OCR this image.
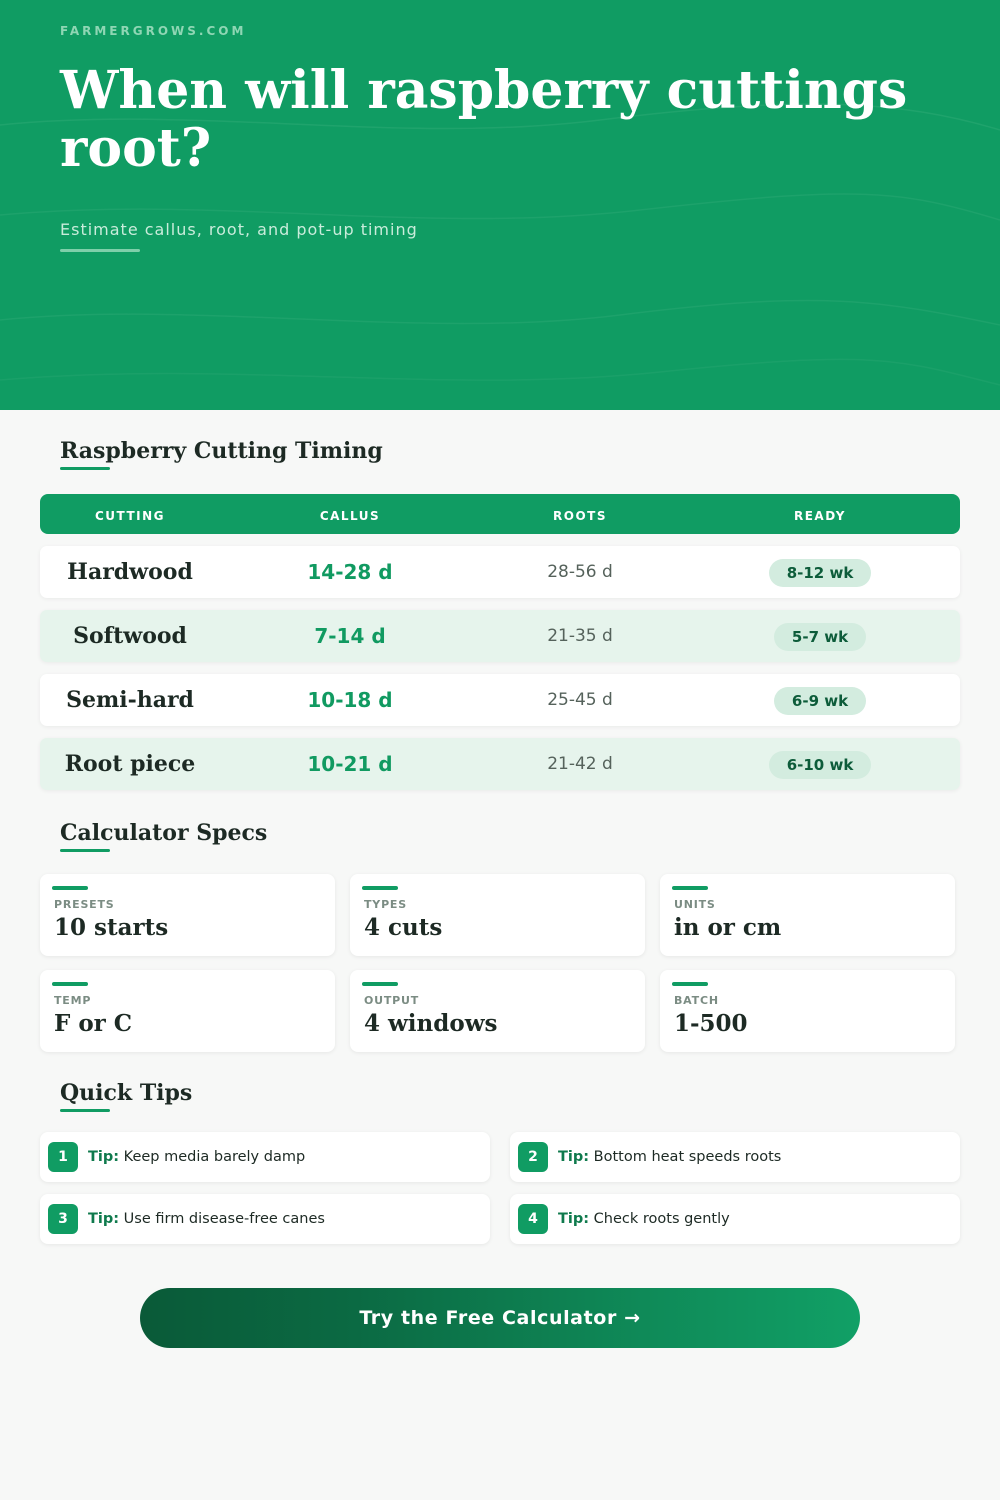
FARMERGROWS.COM
When will raspberry cuttings root?
Estimate callus, root, and pot-up timing
Raspberry Cutting Timing
CUTTING	CALLUS	ROOTS	READY
Hardwood	14-28 d	28-56 d	8-12 wk
Softwood	7-14 d	21-35 d	5-7 wk
Semi-hard	10-18 d	25-45 d	6-9 wk
Root piece	10-21 d	21-42 d	6-10 wk
Calculator Specs
PRESETS
10 starts
TYPES
4 cuts
UNITS
in or cm
TEMP
F or C
OUTPUT
4 windows
BATCH
1-500
Quick Tips
1	Tip: Keep media barely damp	2	Tip: Bottom heat speeds roots
3	Tip: Use firm disease-free canes	4	Tip: Check roots gently
Try the Free Calculator →
